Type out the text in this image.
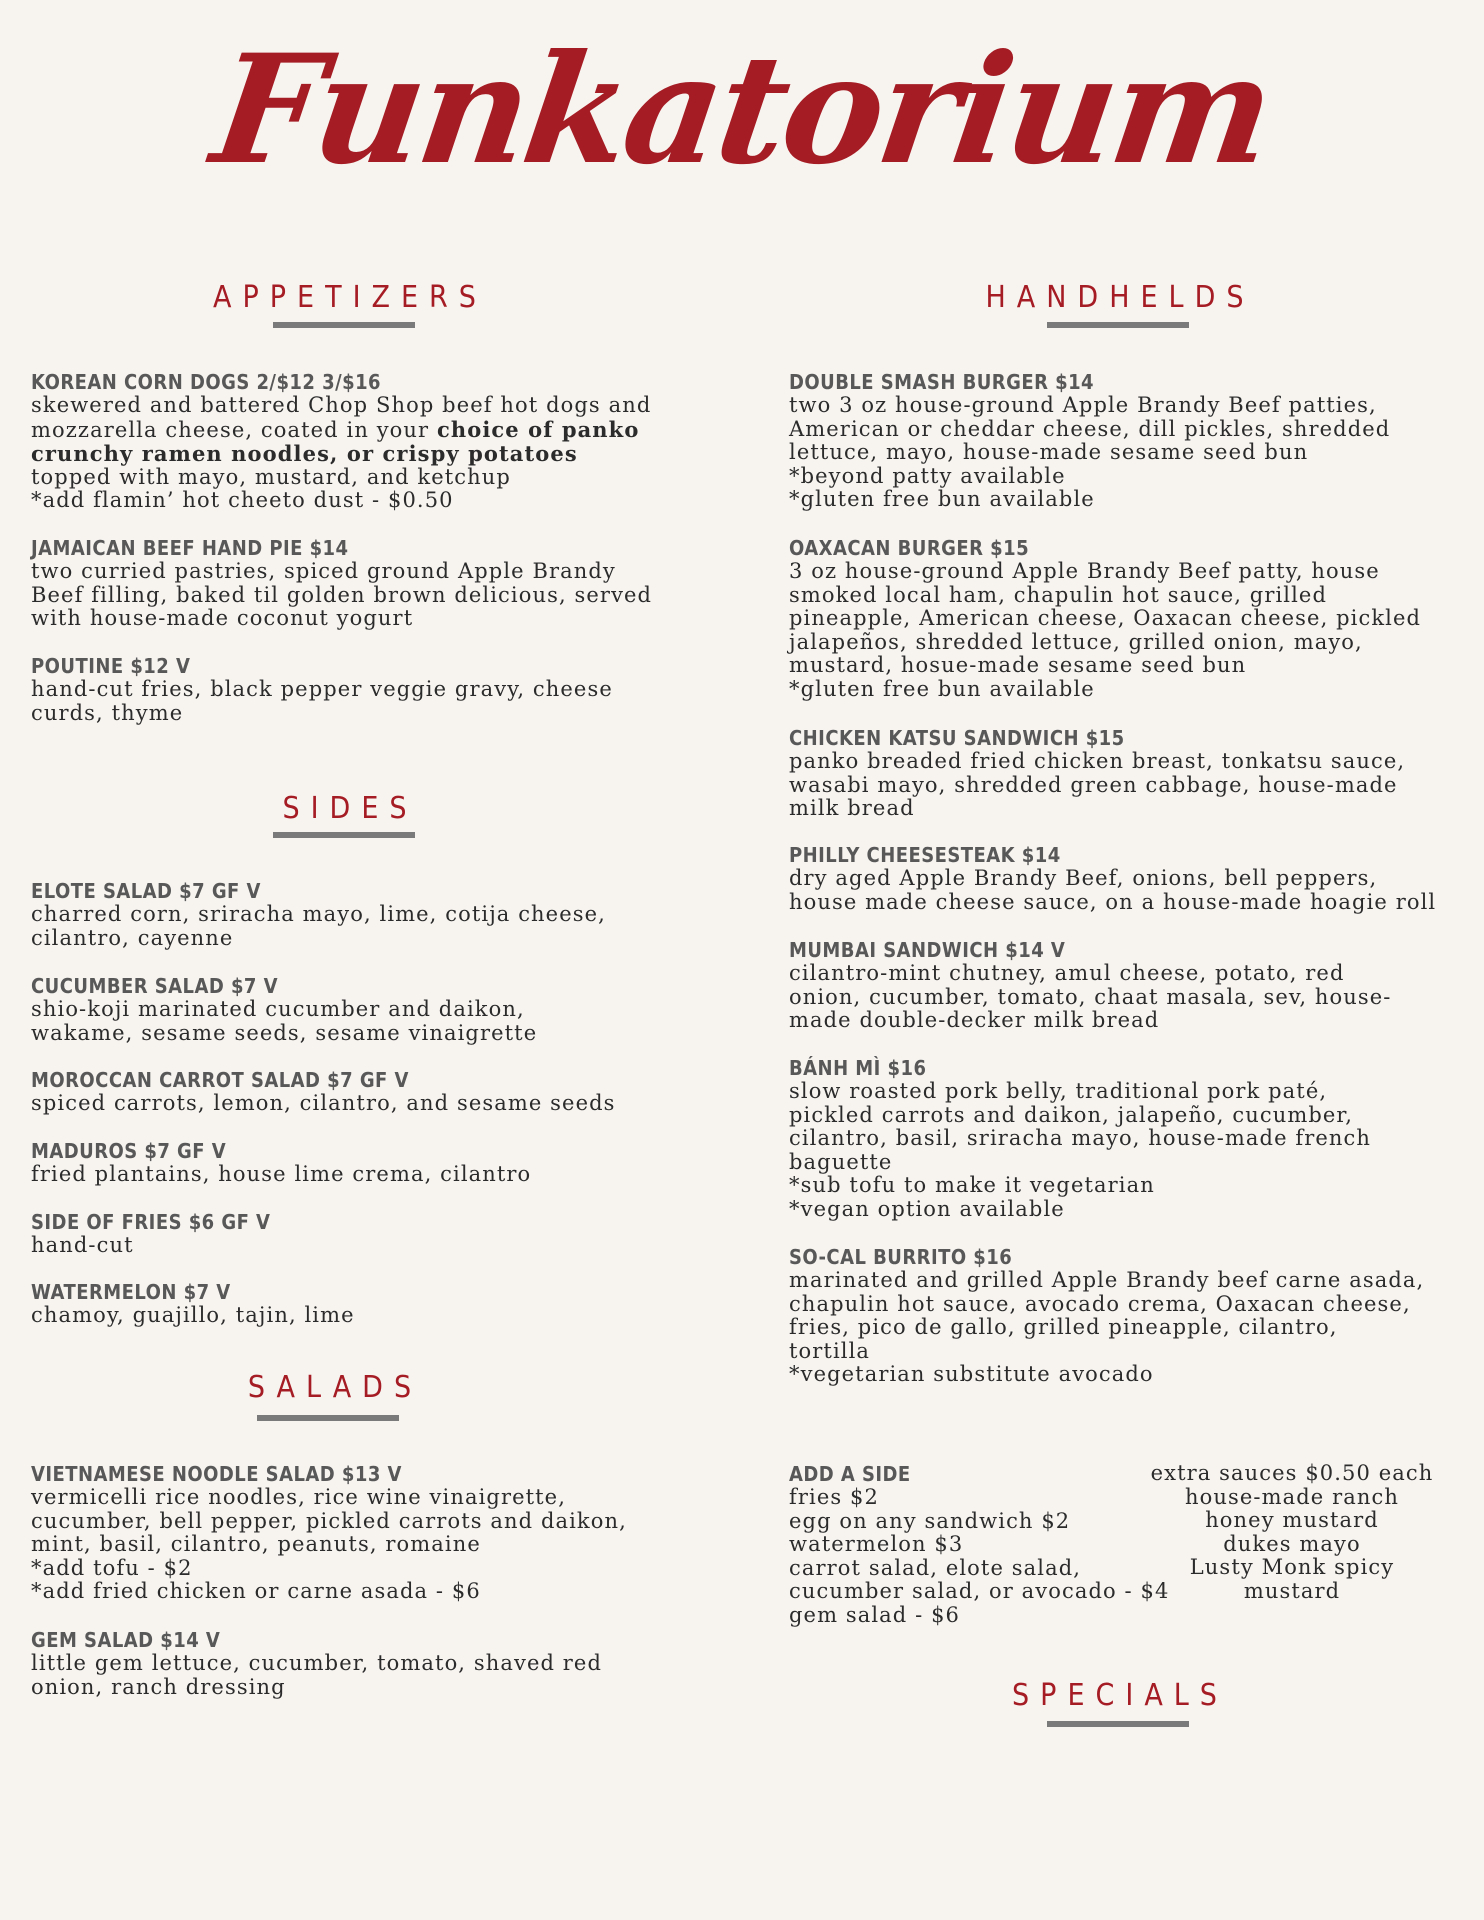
Funkatorium
APPETIZERS	HANDHELDS
SIDES
SALADS
SPECIALS
KOREAN CORN DOGS 2/$12 3/$16
skewered and battered Chop Shop beef hot dogs and
mozzarella cheese, coated in your choice of panko
crunchy ramen noodles, or crispy potatoes
topped with mayo, mustard, and ketchup
*add flamin’ hot cheeto dust - $0.50
JAMAICAN BEEF HAND PIE $14
two curried pastries, spiced ground Apple Brandy
Beef filling, baked til golden brown delicious, served
with house-made coconut yogurt
POUTINE $12 V
hand-cut fries, black pepper veggie gravy, cheese
curds, thyme
ELOTE SALAD $7 GF V
charred corn, sriracha mayo, lime, cotija cheese,
cilantro, cayenne
CUCUMBER SALAD $7 V
shio-koji marinated cucumber and daikon,
wakame, sesame seeds, sesame vinaigrette
MOROCCAN CARROT SALAD $7 GF V
spiced carrots, lemon, cilantro, and sesame seeds
MADUROS $7 GF V
fried plantains, house lime crema, cilantro
SIDE OF FRIES $6 GF V
hand-cut
WATERMELON $7 V
chamoy, guajillo, tajin, lime
VIETNAMESE NOODLE SALAD $13 V
vermicelli rice noodles, rice wine vinaigrette,
cucumber, bell pepper, pickled carrots and daikon,
mint, basil, cilantro, peanuts, romaine
*add tofu - $2
*add fried chicken or carne asada - $6
GEM SALAD $14 V
little gem lettuce, cucumber, tomato, shaved red
onion, ranch dressing
DOUBLE SMASH BURGER $14
two 3 oz house-ground Apple Brandy Beef patties,
American or cheddar cheese, dill pickles, shredded
lettuce, mayo, house-made sesame seed bun
*beyond patty available
*gluten free bun available
OAXACAN BURGER $15
3 oz house-ground Apple Brandy Beef patty, house
smoked local ham, chapulin hot sauce, grilled
pineapple, American cheese, Oaxacan cheese, pickled
jalapeños, shredded lettuce, grilled onion, mayo,
mustard, hosue-made sesame seed bun
*gluten free bun available
CHICKEN KATSU SANDWICH $15
panko breaded fried chicken breast, tonkatsu sauce,
wasabi mayo, shredded green cabbage, house-made
milk bread
PHILLY CHEESESTEAK $14
dry aged Apple Brandy Beef, onions, bell peppers,
house made cheese sauce, on a house-made hoagie roll
MUMBAI SANDWICH $14 V
cilantro-mint chutney, amul cheese, potato, red
onion, cucumber, tomato, chaat masala, sev, house-
made double-decker milk bread
BÁNH MÌ $16
slow roasted pork belly, traditional pork paté,
pickled carrots and daikon, jalapeño, cucumber,
cilantro, basil, sriracha mayo, house-made french
baguette
*sub tofu to make it vegetarian
*vegan option available
SO-CAL BURRITO $16
marinated and grilled Apple Brandy beef carne asada,
chapulin hot sauce, avocado crema, Oaxacan cheese,
fries, pico de gallo, grilled pineapple, cilantro,
tortilla
*vegetarian substitute avocado
ADD A SIDE
fries $2
egg on any sandwich $2
watermelon $3
carrot salad, elote salad,
cucumber salad, or avocado - $4
gem salad - $6
extra sauces $0.50 each
house-made ranch
honey mustard
dukes mayo
Lusty Monk spicy
mustard
